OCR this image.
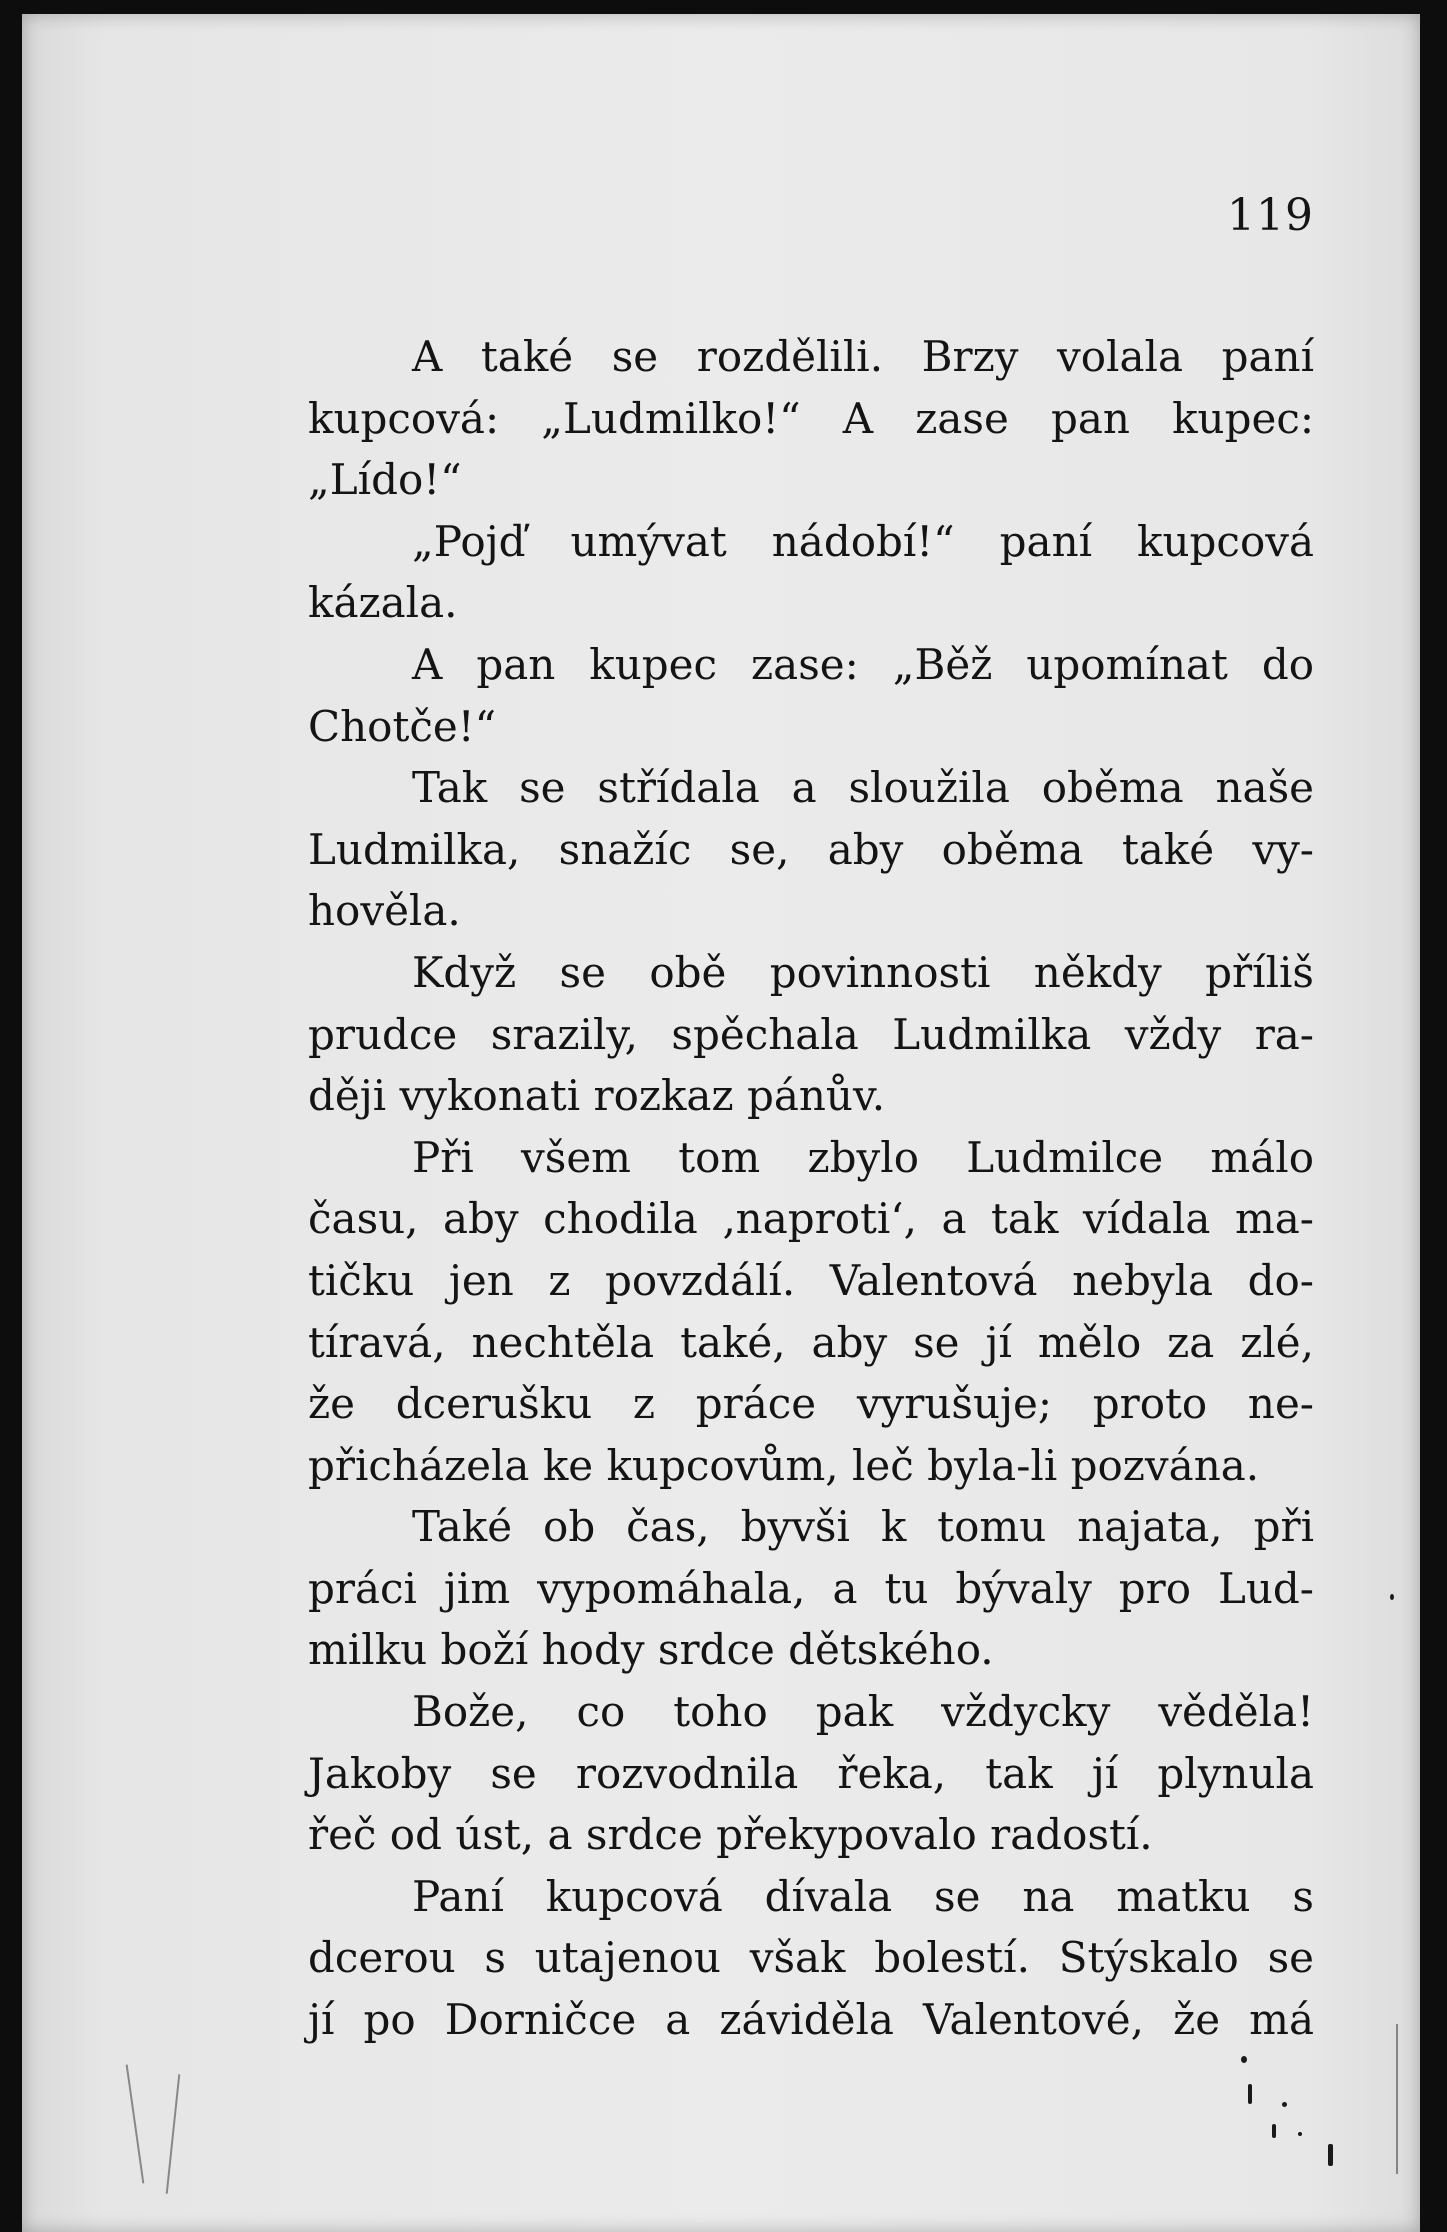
119
A také se rozdělili. Brzy volala paní
kupcová: „Ludmilko!“ A zase pan kupec:
„Lído!“
„Pojď umývat nádobí!“ paní kupcová
kázala.
A pan kupec zase: „Běž upomínat do
Chotče!“
Tak se střídala a sloužila oběma naše
Ludmilka, snažíc se, aby oběma také vy-
hověla.
Když se obě povinnosti někdy příliš
prudce srazily, spěchala Ludmilka vždy ra-
ději vykonati rozkaz pánův.
Při všem tom zbylo Ludmilce málo
času, aby chodila ‚naproti‘, a tak vídala ma-
tičku jen z povzdálí. Valentová nebyla do-
tíravá, nechtěla také, aby se jí mělo za zlé,
že dcerušku z práce vyrušuje; proto ne-
přicházela ke kupcovům, leč byla-li pozvána.
Také ob čas, byvši k tomu najata, při
práci jim vypomáhala, a tu bývaly pro Lud-
milku boží hody srdce dětského.
Bože, co toho pak vždycky věděla!
Jakoby se rozvodnila řeka, tak jí plynula
řeč od úst, a srdce překypovalo radostí.
Paní kupcová dívala se na matku s
dcerou s utajenou však bolestí. Stýskalo se
jí po Dorničce a záviděla Valentové, že má
